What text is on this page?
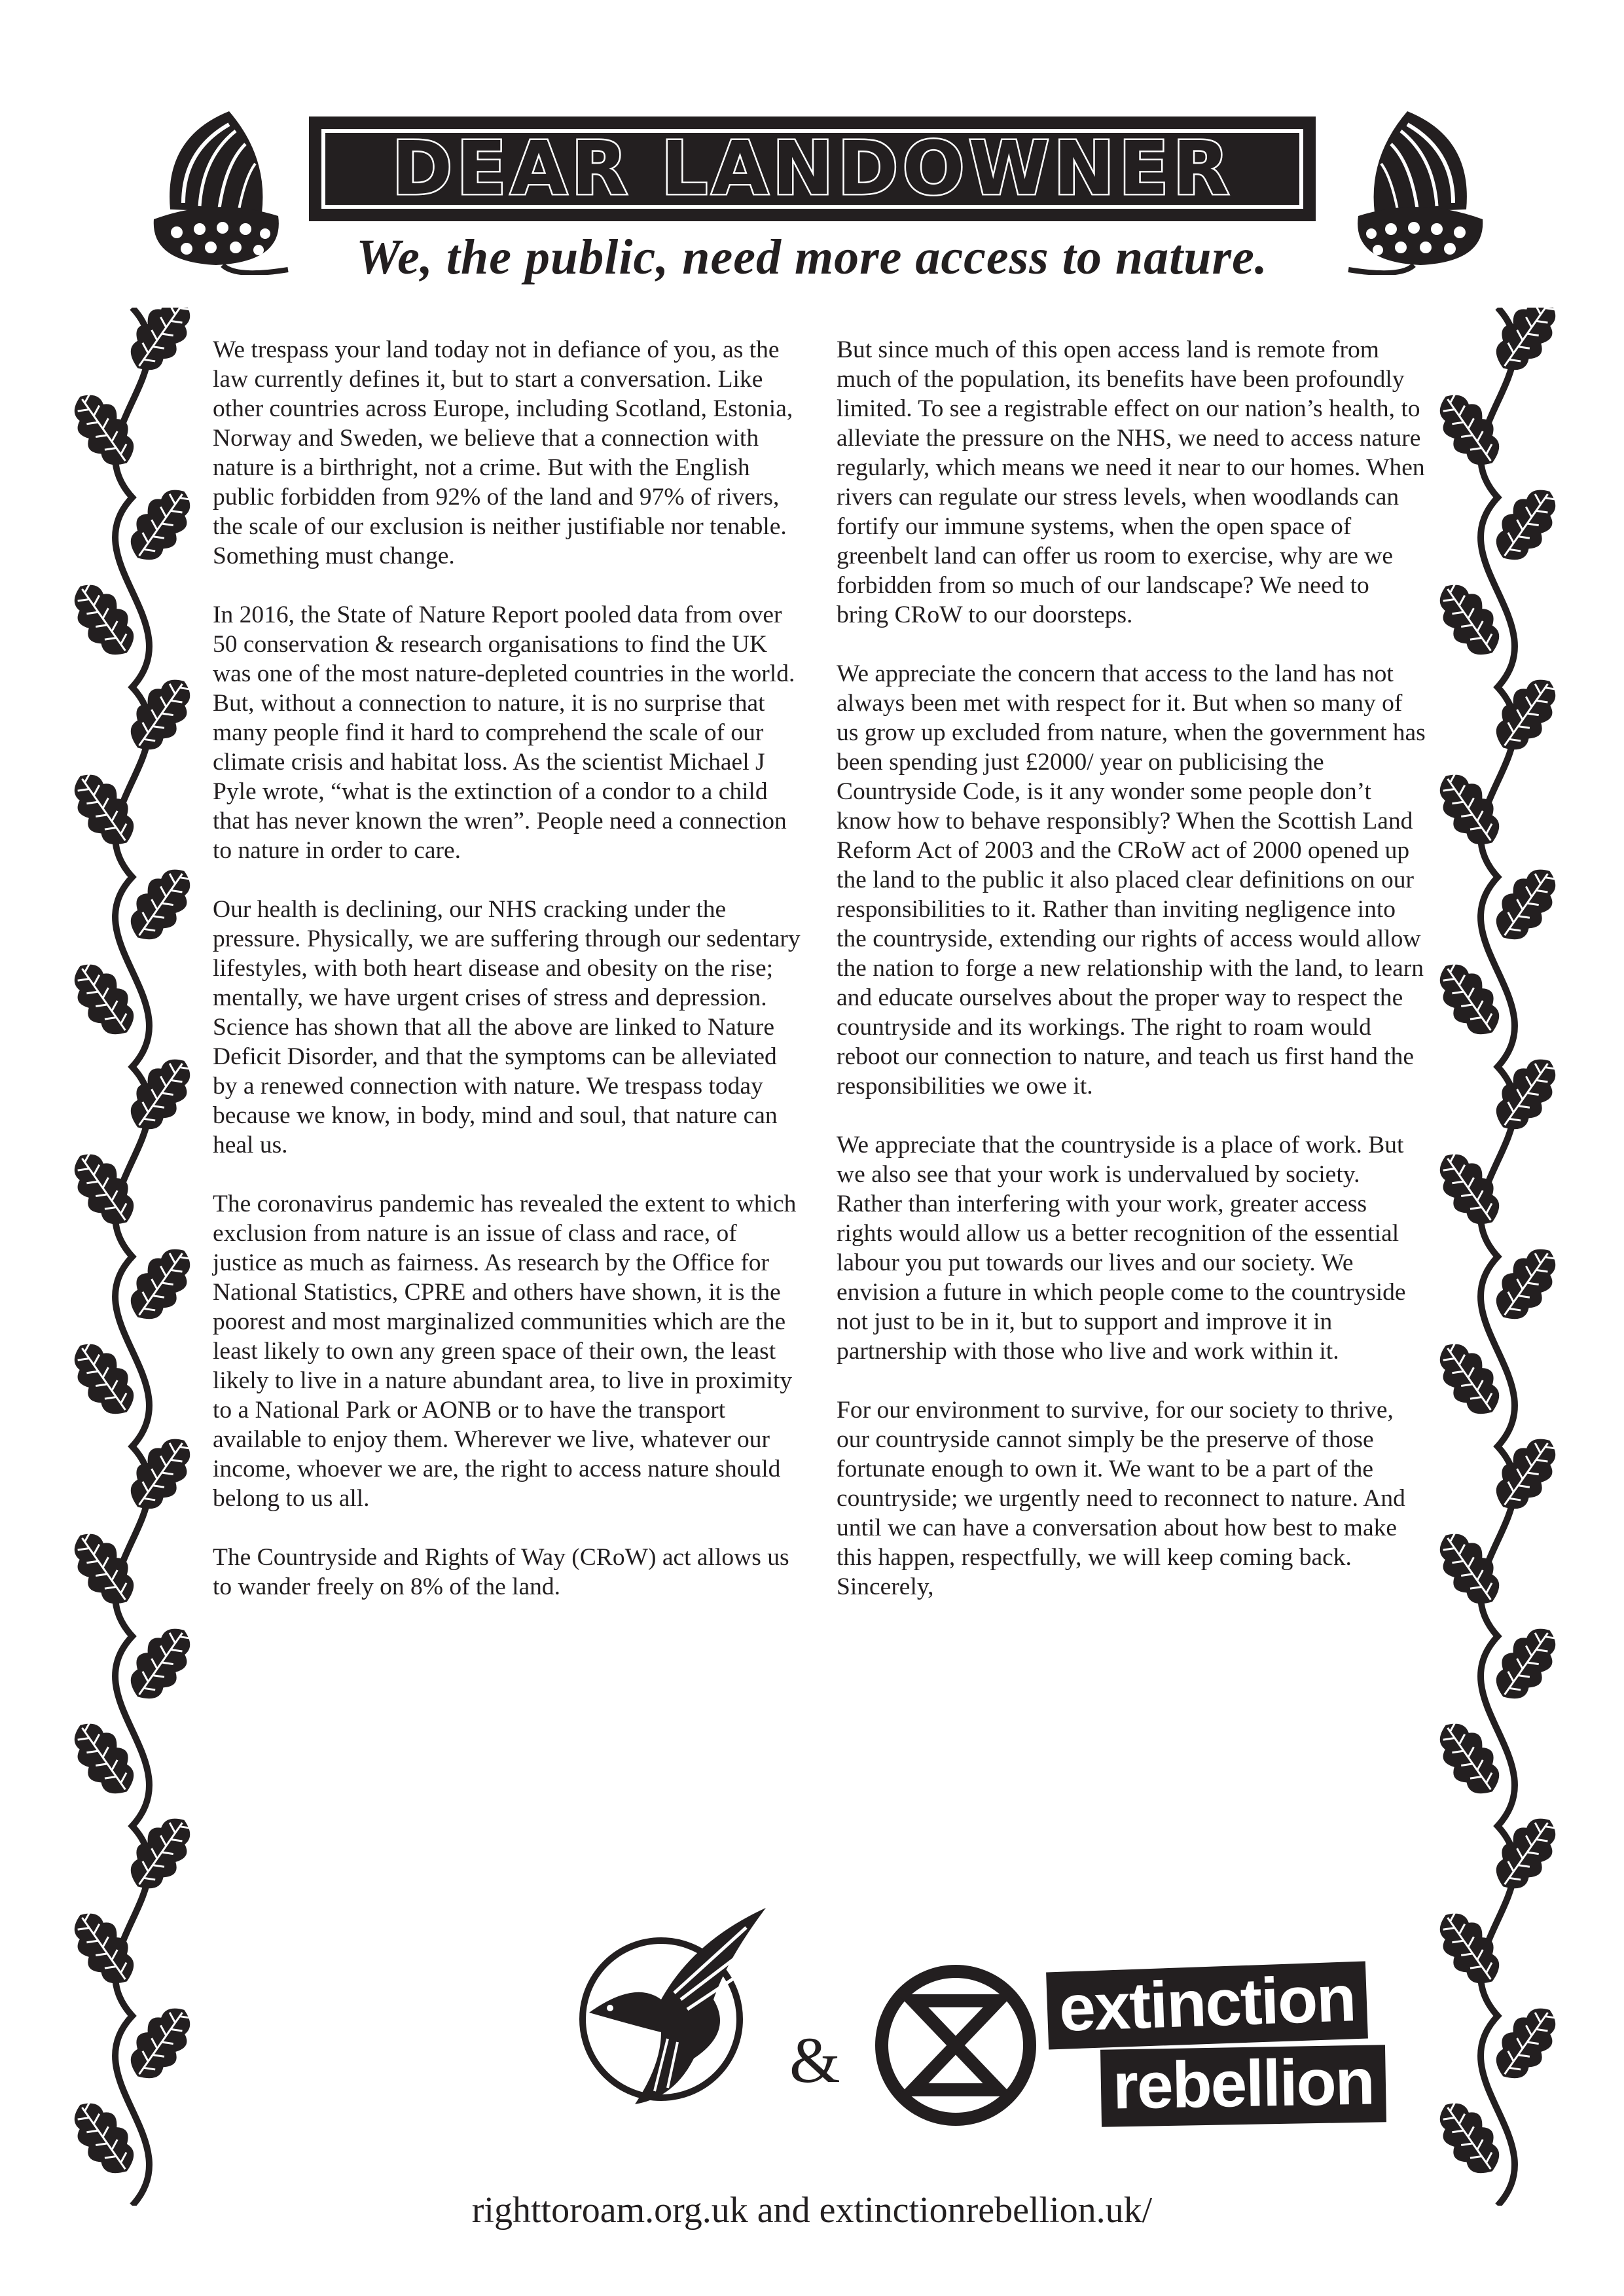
DEAR LANDOWNER
We, the public, need more access to nature.

We trespass your land today not in defiance of you, as the law currently defines it, but to start a conversation. Like other countries across Europe, including Scotland, Estonia, Norway and Sweden, we believe that a connection with nature is a birthright, not a crime. But with the English public forbidden from 92% of the land and 97% of rivers, the scale of our exclusion is neither justifiable nor tenable. Something must change.

In 2016, the State of Nature Report pooled data from over 50 conservation & research organisations to find the UK was one of the most nature-depleted countries in the world. But, without a connection to nature, it is no surprise that many people find it hard to comprehend the scale of our climate crisis and habitat loss. As the scientist Michael J Pyle wrote, “what is the extinction of a condor to a child that has never known the wren”. People need a connection to nature in order to care.

Our health is declining, our NHS cracking under the pressure. Physically, we are suffering through our sedentary lifestyles, with both heart disease and obesity on the rise; mentally, we have urgent crises of stress and depression. Science has shown that all the above are linked to Nature Deficit Disorder, and that the symptoms can be alleviated by a renewed connection with nature. We trespass today because we know, in body, mind and soul, that nature can heal us.

The coronavirus pandemic has revealed the extent to which exclusion from nature is an issue of class and race, of justice as much as fairness. As research by the Office for National Statistics, CPRE and others have shown, it is the poorest and most marginalized communities which are the least likely to own any green space of their own, the least likely to live in a nature abundant area, to live in proximity to a National Park or AONB or to have the transport available to enjoy them. Wherever we live, whatever our income, whoever we are, the right to access nature should belong to us all.

The Countryside and Rights of Way (CRoW) act allows us to wander freely on 8% of the land.

But since much of this open access land is remote from much of the population, its benefits have been profoundly limited. To see a registrable effect on our nation’s health, to alleviate the pressure on the NHS, we need to access nature regularly, which means we need it near to our homes. When rivers can regulate our stress levels, when woodlands can fortify our immune systems, when the open space of greenbelt land can offer us room to exercise, why are we forbidden from so much of our landscape? We need to bring CRoW to our doorsteps.

We appreciate the concern that access to the land has not always been met with respect for it. But when so many of us grow up excluded from nature, when the government has been spending just £2000/ year on publicising the Countryside Code, is it any wonder some people don’t know how to behave responsibly? When the Scottish Land Reform Act of 2003 and the CRoW act of 2000 opened up the land to the public it also placed clear definitions on our responsibilities to it. Rather than inviting negligence into the countryside, extending our rights of access would allow the nation to forge a new relationship with the land, to learn and educate ourselves about the proper way to respect the countryside and its workings. The right to roam would reboot our connection to nature, and teach us first hand the responsibilities we owe it.

We appreciate that the countryside is a place of work. But we also see that your work is undervalued by society. Rather than interfering with your work, greater access rights would allow us a better recognition of the essential labour you put towards our lives and our society. We envision a future in which people come to the countryside not just to be in it, but to support and improve it in partnership with those who live and work within it.

For our environment to survive, for our society to thrive, our countryside cannot simply be the preserve of those fortunate enough to own it. We want to be a part of the countryside; we urgently need to reconnect to nature. And until we can have a conversation about how best to make this happen, respectfully, we will keep coming back.

Sincerely,

&
extinction
rebellion
righttoroam.org.uk and extinctionrebellion.uk/
